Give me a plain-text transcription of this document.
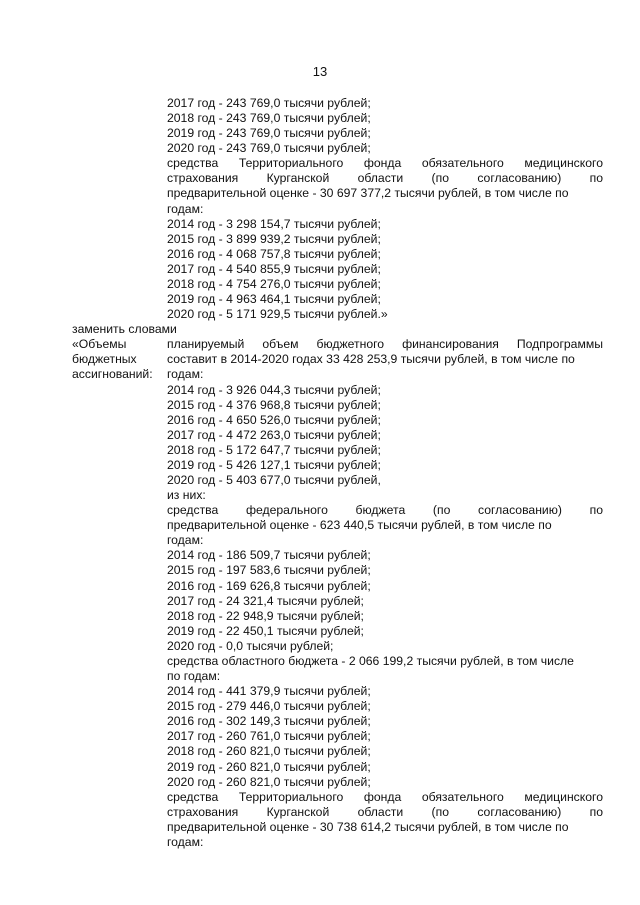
13
2017 год - 243 769,0 тысячи рублей;
2018 год - 243 769,0 тысячи рублей;
2019 год - 243 769,0 тысячи рублей;
2020 год - 243 769,0 тысячи рублей;
средства Территориального фонда обязательного медицинского
страхования Курганской области (по согласованию) по
предварительной оценке - 30 697 377,2 тысячи рублей, в том числе по
годам:
2014 год - 3 298 154,7 тысячи рублей;
2015 год - 3 899 939,2 тысячи рублей;
2016 год - 4 068 757,8 тысячи рублей;
2017 год - 4 540 855,9 тысячи рублей;
2018 год - 4 754 276,0 тысячи рублей;
2019 год - 4 963 464,1 тысячи рублей;
2020 год - 5 171 929,5 тысячи рублей.»
заменить словами
«Объемы	планируемый объем бюджетного финансирования Подпрограммы
бюджетных составит в 2014-2020 годах 33 428 253,9 тысячи рублей, в том числе по
ассигнований: годам:
2014 год - 3 926 044,3 тысячи рублей;
2015 год - 4 376 968,8 тысячи рублей;
2016 год - 4 650 526,0 тысячи рублей;
2017 год - 4 472 263,0 тысячи рублей;
2018 год - 5 172 647,7 тысячи рублей;
2019 год - 5 426 127,1 тысячи рублей;
2020 год - 5 403 677,0 тысячи рублей,
из них:
средства федерального бюджета (по согласованию) по
предварительной оценке - 623 440,5 тысячи рублей, в том числе по
годам:
2014 год - 186 509,7 тысячи рублей;
2015 год - 197 583,6 тысячи рублей;
2016 год - 169 626,8 тысячи рублей;
2017 год - 24 321,4 тысячи рублей;
2018 год - 22 948,9 тысячи рублей;
2019 год - 22 450,1 тысячи рублей;
2020 год - 0,0 тысячи рублей;
средства областного бюджета - 2 066 199,2 тысячи рублей, в том числе
по годам:
2014 год - 441 379,9 тысячи рублей;
2015 год - 279 446,0 тысячи рублей;
2016 год - 302 149,3 тысячи рублей;
2017 год - 260 761,0 тысячи рублей;
2018 год - 260 821,0 тысячи рублей;
2019 год - 260 821,0 тысячи рублей;
2020 год - 260 821,0 тысячи рублей;
средства Территориального фонда обязательного медицинского
страхования Курганской области (по согласованию) по
предварительной оценке - 30 738 614,2 тысячи рублей, в том числе по
годам:
